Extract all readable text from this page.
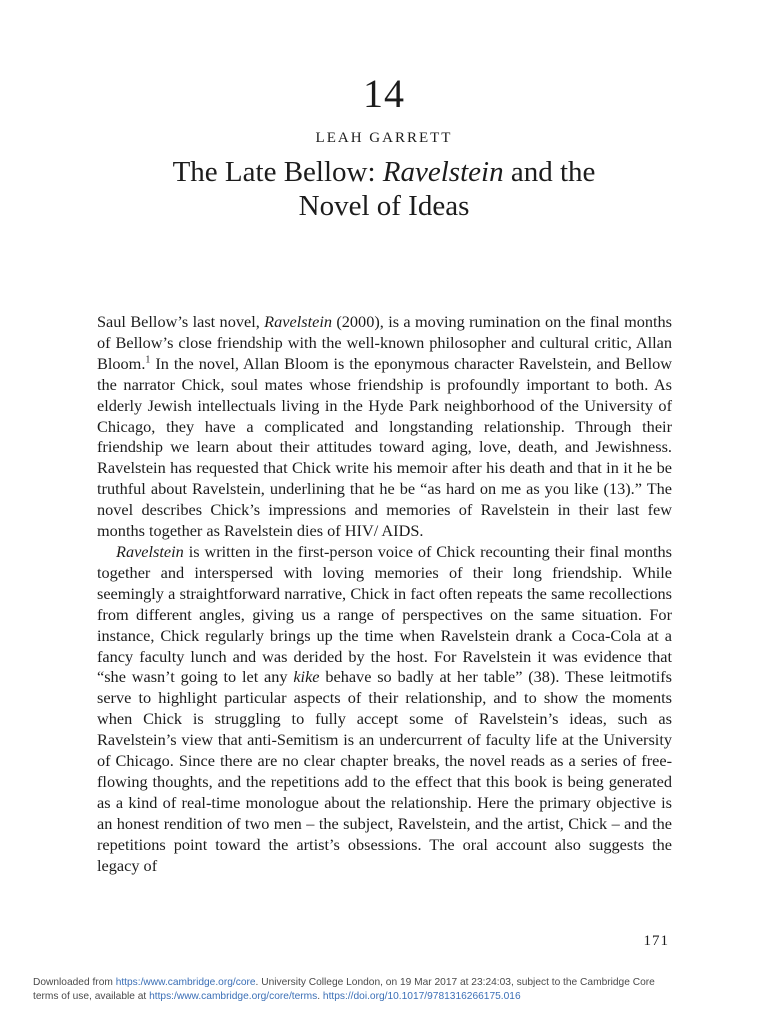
14
LEAH GARRETT
The Late Bellow: Ravelstein and the
Novel of Ideas

Saul Bellow’s last novel, Ravelstein (2000), is a moving rumination on the final months of Bellow’s close friendship with the well-known philosopher and cultural critic, Allan Bloom.$^1$ In the novel, Allan Bloom is the eponymous character Ravelstein, and Bellow the narrator Chick, soul mates whose friendship is profoundly important to both. As elderly Jewish intellectuals living in the Hyde Park neighborhood of the University of Chicago, they have a complicated and longstanding relationship. Through their friendship we learn about their attitudes toward aging, love, death, and Jewishness. Ravelstein has requested that Chick write his memoir after his death and that in it he be truthful about Ravelstein, underlining that he be “as hard on me as you like (13).” The novel describes Chick’s impressions and memories of Ravelstein in their last few months together as Ravelstein dies of HIV/ AIDS.

Ravelstein is written in the first-person voice of Chick recounting their final months together and interspersed with loving memories of their long friendship. While seemingly a straightforward narrative, Chick in fact often repeats the same recollections from different angles, giving us a range of perspectives on the same situation. For instance, Chick regularly brings up the time when Ravelstein drank a Coca-Cola at a fancy faculty lunch and was derided by the host. For Ravelstein it was evidence that “she wasn’t going to let any kike behave so badly at her table” (38). These leitmotifs serve to highlight particular aspects of their relationship, and to show the moments when Chick is struggling to fully accept some of Ravelstein’s ideas, such as Ravelstein’s view that anti-Semitism is an undercurrent of faculty life at the University of Chicago. Since there are no clear chapter breaks, the novel reads as a series of free-flowing thoughts, and the repetitions add to the effect that this book is being generated as a kind of real-time monologue about the relationship. Here the primary objective is an honest rendition of two men – the subject, Ravelstein, and the artist, Chick – and the repetitions point toward the artist’s obsessions. The oral account also suggests the legacy of

171
Downloaded from https:/www.cambridge.org/core. University College London, on 19 Mar 2017 at 23:24:03, subject to the Cambridge Core
terms of use, available at https:/www.cambridge.org/core/terms. https://doi.org/10.1017/9781316266175.016
